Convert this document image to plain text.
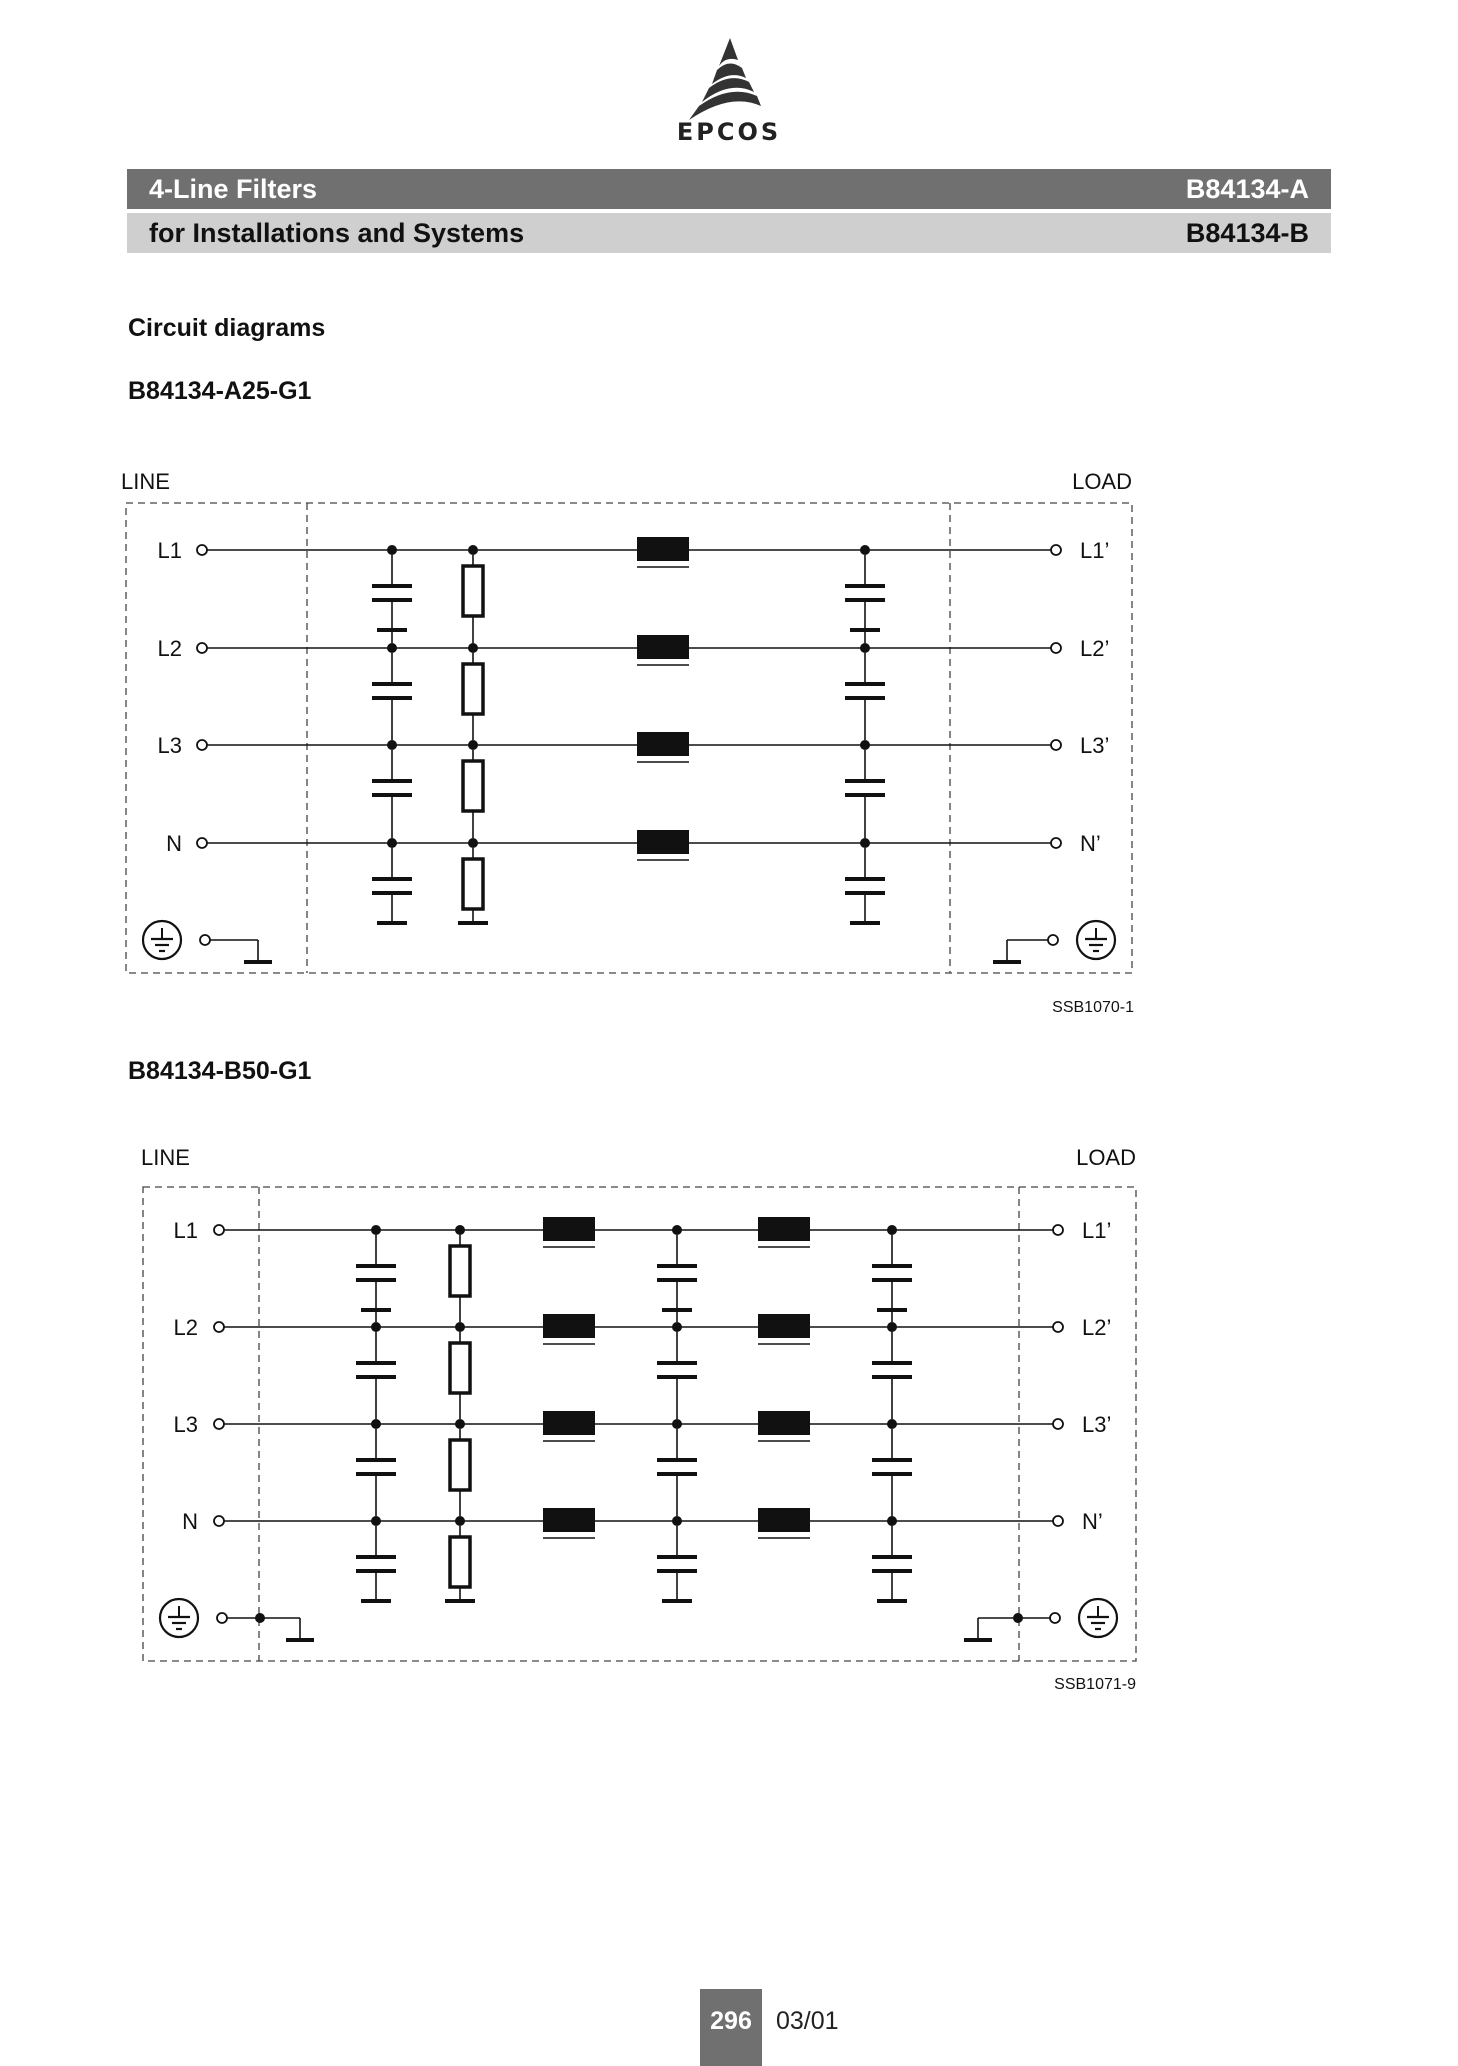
EPCOS
4-Line Filters	B84134-A
for Installations and Systems	B84134-B
Circuit diagrams
B84134-A25-G1
B84134-B50-G1
LINE	LOAD
L1	L1’
L2	L2’
L3	L3’
N	N’
SSB1070-1
LINE	LOAD
L1	L1’
L2	L2’
L3	L3’
N	N’
SSB1071-9
296 03/01
